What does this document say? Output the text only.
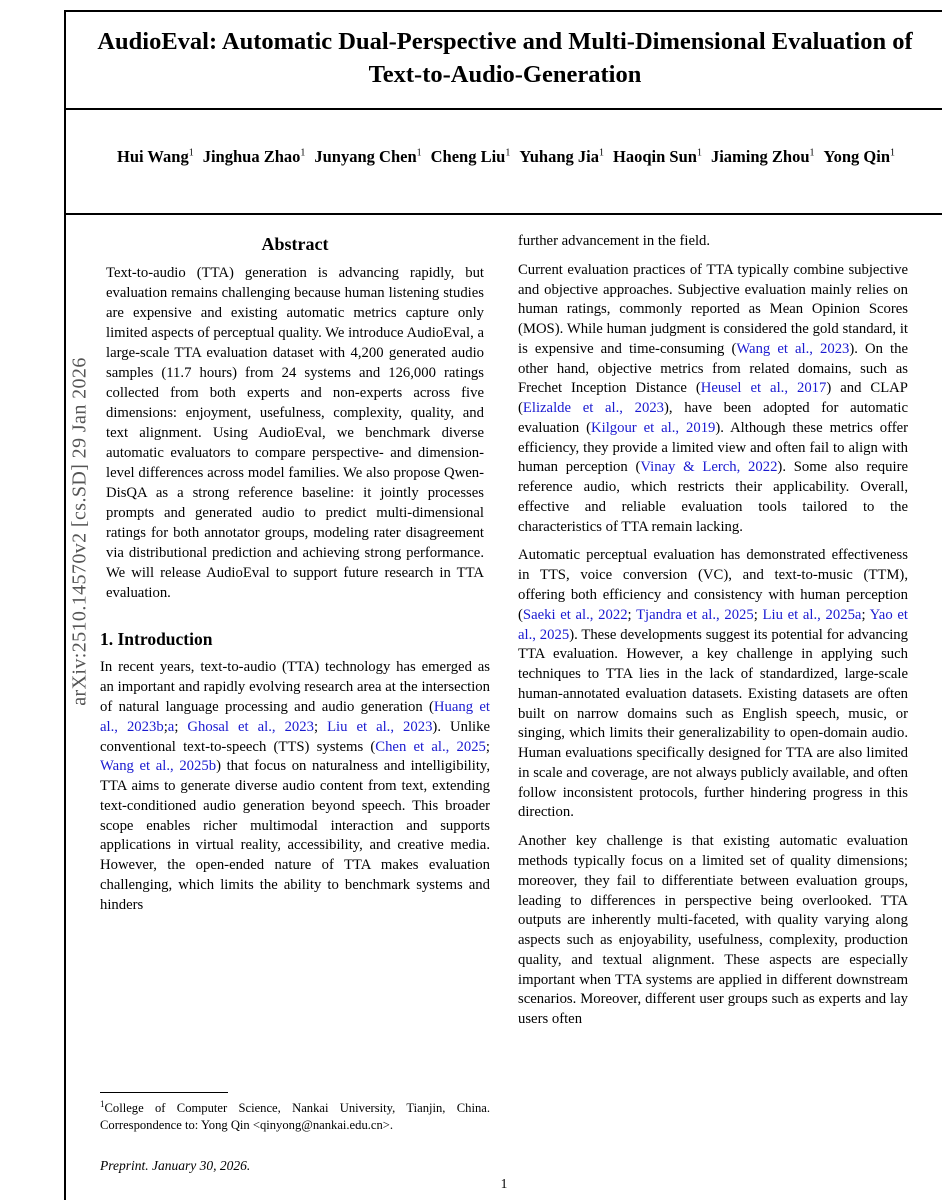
arXiv:2510.14570v2 [cs.SD] 29 Jan 2026
AudioEval: Automatic Dual-Perspective and Multi-Dimensional Evaluation of Text-to-Audio-Generation
Hui Wang$^1$ Jinghua Zhao$^1$ Junyang Chen$^1$ Cheng Liu$^1$ Yuhang Jia$^1$ Haoqin Sun$^1$ Jiaming Zhou$^1$ Yong Qin$^1$
Abstract
Text-to-audio (TTA) generation is advancing rapidly, but evaluation remains challenging because human listening studies are expensive and existing automatic metrics capture only limited aspects of perceptual quality. We introduce AudioEval, a large-scale TTA evaluation dataset with 4,200 generated audio samples (11.7 hours) from 24 systems and 126,000 ratings collected from both experts and non-experts across five dimensions: enjoyment, usefulness, complexity, quality, and text alignment. Using AudioEval, we benchmark diverse automatic evaluators to compare perspective- and dimension-level differences across model families. We also propose Qwen-DisQA as a strong reference baseline: it jointly processes prompts and generated audio to predict multi-dimensional ratings for both annotator groups, modeling rater disagreement via distributional prediction and achieving strong performance. We will release AudioEval to support future research in TTA evaluation.
1. Introduction

In recent years, text-to-audio (TTA) technology has emerged as an important and rapidly evolving research area at the intersection of natural language processing and audio generation (Huang et al., 2023b;a; Ghosal et al., 2023; Liu et al., 2023). Unlike conventional text-to-speech (TTS) systems (Chen et al., 2025; Wang et al., 2025b) that focus on naturalness and intelligibility, TTA aims to generate diverse audio content from text, extending text-conditioned audio generation beyond speech. This broader scope enables richer multimodal interaction and supports applications in virtual reality, accessibility, and creative media. However, the open-ended nature of TTA makes evaluation challenging, which limits the ability to benchmark systems and hinders

further advancement in the field.

Current evaluation practices of TTA typically combine subjective and objective approaches. Subjective evaluation mainly relies on human ratings, commonly reported as Mean Opinion Scores (MOS). While human judgment is considered the gold standard, it is expensive and time-consuming (Wang et al., 2023). On the other hand, objective metrics from related domains, such as Frechet Inception Distance (Heusel et al., 2017) and CLAP (Elizalde et al., 2023), have been adopted for automatic evaluation (Kilgour et al., 2019). Although these metrics offer efficiency, they provide a limited view and often fail to align with human perception (Vinay & Lerch, 2022). Some also require reference audio, which restricts their applicability. Overall, effective and reliable evaluation tools tailored to the characteristics of TTA remain lacking.

Automatic perceptual evaluation has demonstrated effectiveness in TTS, voice conversion (VC), and text-to-music (TTM), offering both efficiency and consistency with human perception (Saeki et al., 2022; Tjandra et al., 2025; Liu et al., 2025a; Yao et al., 2025). These developments suggest its potential for advancing TTA evaluation. However, a key challenge in applying such techniques to TTA lies in the lack of standardized, large-scale human-annotated evaluation datasets. Existing datasets are often built on narrow domains such as English speech, music, or singing, which limits their generalizability to open-domain audio. Human evaluations specifically designed for TTA are also limited in scale and coverage, are not always publicly available, and often follow inconsistent protocols, further hindering progress in this direction.

Another key challenge is that existing automatic evaluation methods typically focus on a limited set of quality dimensions; moreover, they fail to differentiate between evaluation groups, leading to differences in perspective being overlooked. TTA outputs are inherently multi-faceted, with quality varying along aspects such as enjoyability, usefulness, complexity, production quality, and textual alignment. These aspects are especially important when TTA systems are applied in different downstream scenarios. Moreover, different user groups such as experts and lay users often

$^1$College of Computer Science, Nankai University, Tianjin, China. Correspondence to: Yong Qin <qinyong@nankai.edu.cn>.
Preprint. January 30, 2026.
1
